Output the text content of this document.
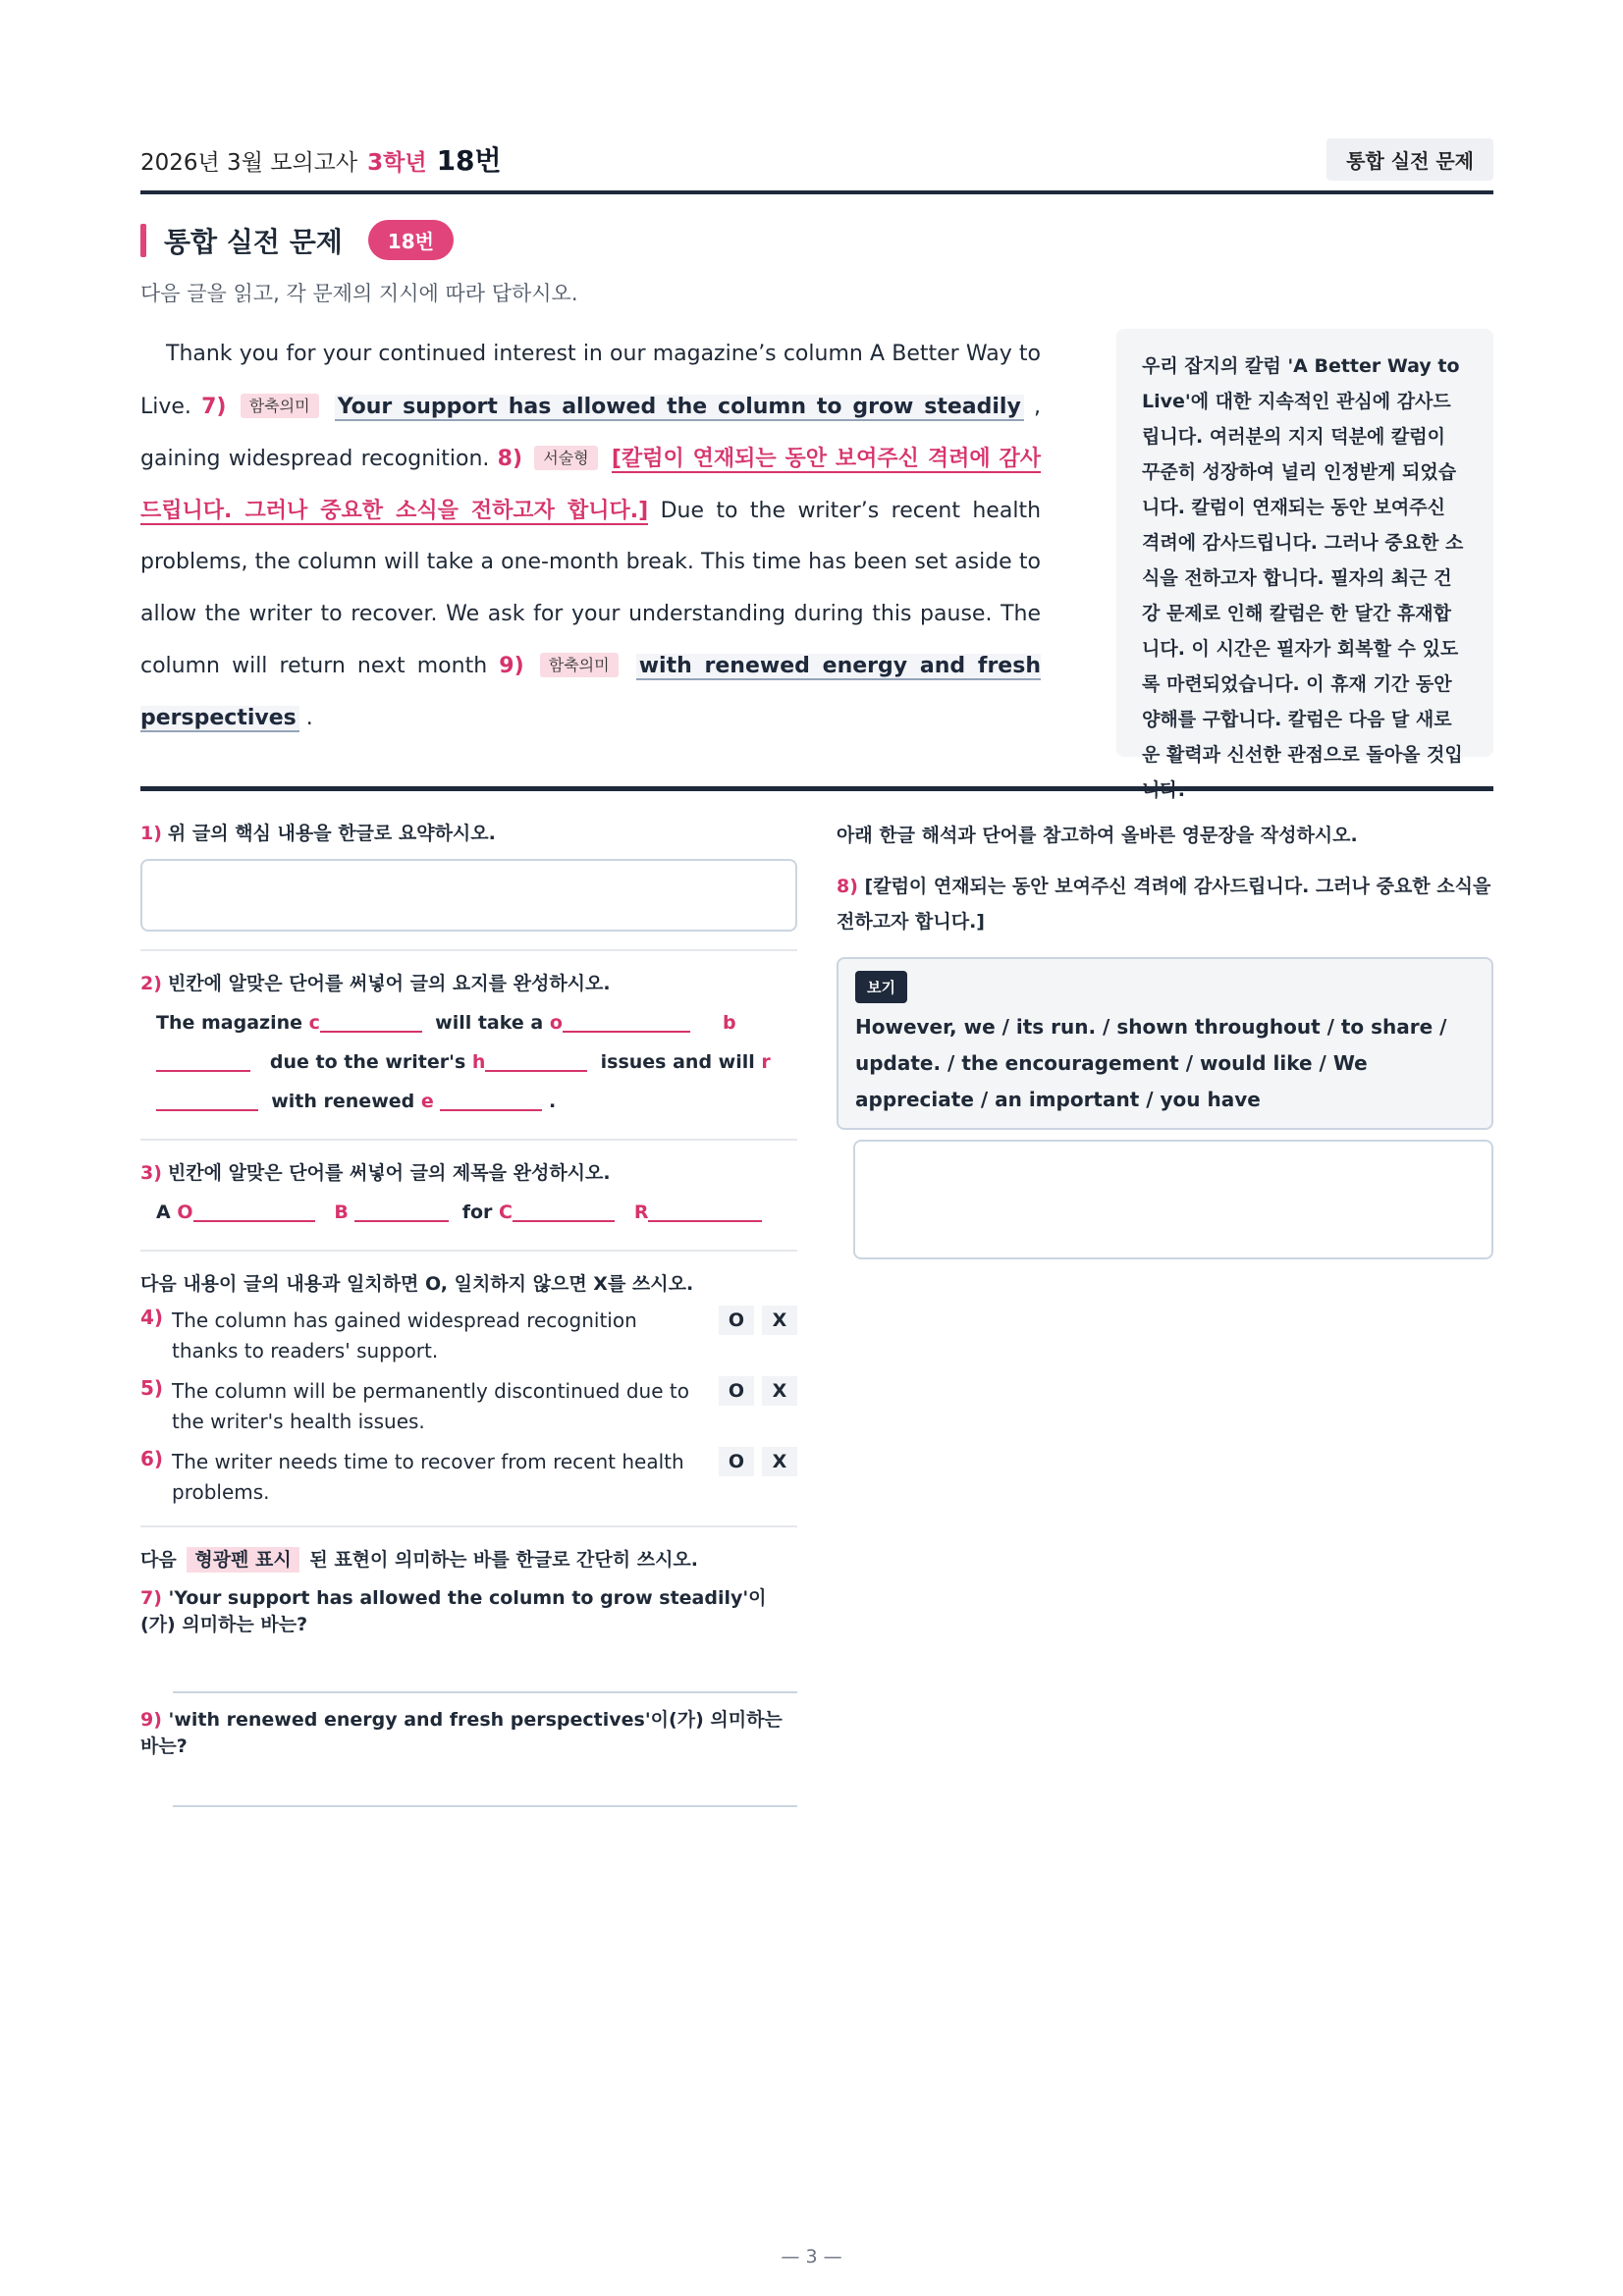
2026년 3월 모의고사 3학년 18번	통합 실전 문제
통합 실전 문제	18번
다음 글을 읽고, 각 문제의 지시에 따라 답하시오.
Thank you for your continued interest in our magazine’s column A Better Way to Live. 7) 함축의미 Your support has allowed the column to grow steadily , gaining widespread recognition. 8) 서술형 [칼럼이 연재되는 동안 보여주신 격려에 감사드립니다. 그러나 중요한 소식을 전하고자 합니다.] Due to the writer’s recent health problems, the column will take a one-month break. This time has been set aside to allow the writer to recover. We ask for your understanding during this pause. The column will return next month 9) 함축의미 with renewed energy and fresh perspectives .
우리 잡지의 칼럼 'A Better Way to Live'에 대한 지속적인 관심에 감사드립니다. 여러분의 지지 덕분에 칼럼이 꾸준히 성장하여 널리 인정받게 되었습니다. 칼럼이 연재되는 동안 보여주신 격려에 감사드립니다. 그러나 중요한 소식을 전하고자 합니다. 필자의 최근 건강 문제로 인해 칼럼은 한 달간 휴재합니다. 이 시간은 필자가 회복할 수 있도록 마련되었습니다. 이 휴재 기간 동안 양해를 구합니다. 칼럼은 다음 달 새로운 활력과 신선한 관점으로 돌아올 것입니다.
1) 위 글의 핵심 내용을 한글로 요약하시오.
2) 빈칸에 알맞은 단어를 써넣어 글의 요지를 완성하시오.
The magazine c	will take a o	b    due to the writer's h	issues and will r  with renewed e	.
3) 빈칸에 알맞은 단어를 써넣어 글의 제목을 완성하시오.
A O	B	for C	R
다음 내용이 글의 내용과 일치하면 O, 일치하지 않으면 X를 쓰시오.
4) The column has gained widespread recognition thanks to readers' support.
O	X
5) The column will be permanently discontinued due to the writer's health issues.
O	X
6) The writer needs time to recover from recent health problems.
O	X
다음 형광펜 표시 된 표현이 의미하는 바를 한글로 간단히 쓰시오.
7) 'Your support has allowed the column to grow steadily'이(가) 의미하는 바는?
9) 'with renewed energy and fresh perspectives'이(가) 의미하는 바는?
아래 한글 해석과 단어를 참고하여 올바른 영문장을 작성하시오.
8) [칼럼이 연재되는 동안 보여주신 격려에 감사드립니다. 그러나 중요한 소식을 전하고자 합니다.]
보기
However, we / its run. / shown throughout / to share / update. / the encouragement / would like / We appreciate / an important / you have
— 3 —
